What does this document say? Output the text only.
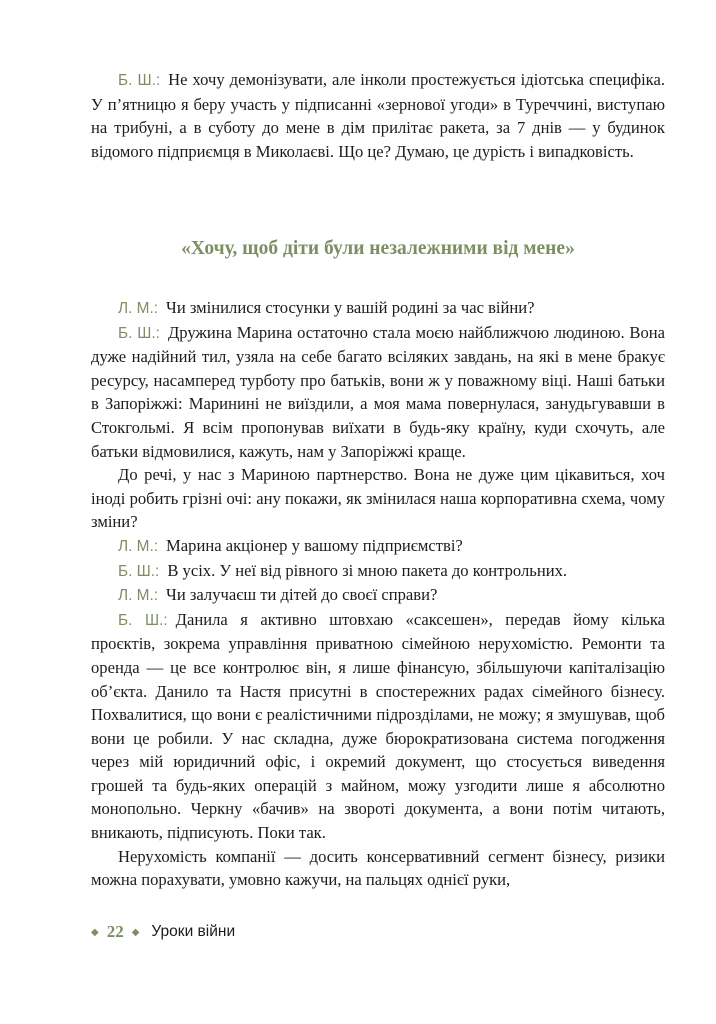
Б. Ш.: Не хочу демонізувати, але інколи простежується ідіотська специфіка. У п’ятницю я беру участь у підписанні «зернової угоди» в Туреччині, виступаю на трибуні, а в суботу до мене в дім прилітає ракета, за 7 днів — у будинок відомого підприємця в Миколаєві. Що це? Думаю, це дурість і випадковість.

«Хочу, щоб діти були незалежними від мене»

Л. М.: Чи змінилися стосунки у вашій родині за час війни?

Б. Ш.: Дружина Марина остаточно стала моєю найближчою людиною. Вона дуже надійний тил, узяла на себе багато всіляких завдань, на які в мене бракує ресурсу, насамперед турботу про батьків, вони ж у поважному віці. Наші батьки в Запоріжжі: Маринині не виїздили, а моя мама повернулася, занудьгувавши в Стокгольмі. Я всім пропонував виїхати в будь-яку країну, куди схочуть, але батьки відмовилися, кажуть, нам у Запоріжжі краще.

До речі, у нас з Мариною партнерство. Вона не дуже цим цікавиться, хоч іноді робить грізні очі: ану покажи, як змінилася наша корпоративна схема, чому зміни?

Л. М.: Марина акціонер у вашому підприємстві?

Б. Ш.: В усіх. У неї від рівного зі мною пакета до контрольних.

Л. М.: Чи залучаєш ти дітей до своєї справи?

Б. Ш.: Данила я активно штовхаю «саксешен», передав йому кілька проєктів, зокрема управління приватною сімейною нерухомістю. Ремонти та оренда — це все контролює він, я лише фінансую, збільшуючи капіталізацію об’єкта. Данило та Настя присутні в спостережних радах сімейного бізнесу. Похвалитися, що вони є реалістичними підрозділами, не можу; я змушував, щоб вони це робили. У нас складна, дуже бюрократизована система погодження через мій юридичний офіс, і окремий документ, що стосується виведення грошей та будь-яких операцій з майном, можу узгодити лише я абсолютно монопольно. Черкну «бачив» на звороті документа, а вони потім читають, вникають, підписують. Поки так.

Нерухомість компанії — досить консервативний сегмент бізнесу, ризики можна порахувати, умовно кажучи, на пальцях однієї руки,

◆ 22 ◆ Уроки війни
